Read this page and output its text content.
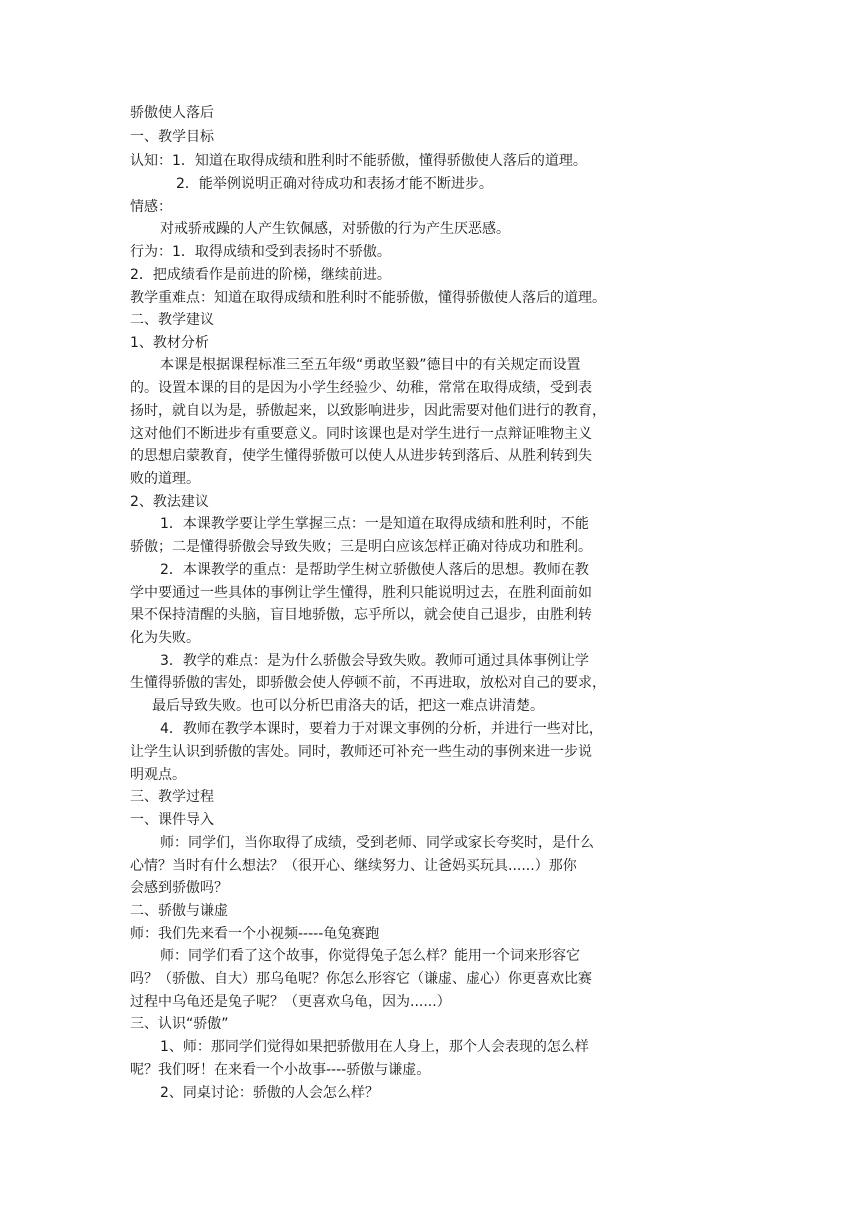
骄傲使人落后
一、教学目标
认知：1．知道在取得成绩和胜利时不能骄傲，懂得骄傲使人落后的道理。
2．能举例说明正确对待成功和表扬才能不断进步。
情感：
对戒骄戒躁的人产生钦佩感，对骄傲的行为产生厌恶感。
行为：1．取得成绩和受到表扬时不骄傲。
2．把成绩看作是前进的阶梯，继续前进。
教学重难点：知道在取得成绩和胜利时不能骄傲，懂得骄傲使人落后的道理。
二、教学建议
1、教材分析
本课是根据课程标准三至五年级“勇敢坚毅”德目中的有关规定而设置
的。设置本课的目的是因为小学生经验少、幼稚，常常在取得成绩，受到表
扬时，就自以为是，骄傲起来，以致影响进步，因此需要对他们进行的教育，
这对他们不断进步有重要意义。同时该课也是对学生进行一点辩证唯物主义
的思想启蒙教育，使学生懂得骄傲可以使人从进步转到落后、从胜利转到失
败的道理。
2、教法建议
1．本课教学要让学生掌握三点：一是知道在取得成绩和胜利时，不能
骄傲；二是懂得骄傲会导致失败；三是明白应该怎样正确对待成功和胜利。
2．本课教学的重点：是帮助学生树立骄傲使人落后的思想。教师在教
学中要通过一些具体的事例让学生懂得，胜利只能说明过去，在胜利面前如
果不保持清醒的头脑，盲目地骄傲，忘乎所以，就会使自己退步，由胜利转
化为失败。
3．教学的难点：是为什么骄傲会导致失败。教师可通过具体事例让学
生懂得骄傲的害处，即骄傲会使人停顿不前，不再进取，放松对自己的要求，
最后导致失败。也可以分析巴甫洛夫的话，把这一难点讲清楚。
4．教师在教学本课时，要着力于对课文事例的分析，并进行一些对比，
让学生认识到骄傲的害处。同时，教师还可补充一些生动的事例来进一步说
明观点。
三、教学过程
一、课件导入
师：同学们，当你取得了成绩，受到老师、同学或家长夸奖时，是什么
心情？当时有什么想法？（很开心、继续努力、让爸妈买玩具......）那你
会感到骄傲吗？
二、骄傲与谦虚
师：我们先来看一个小视频-----龟兔赛跑
师：同学们看了这个故事，你觉得兔子怎么样？能用一个词来形容它
吗？（骄傲、自大）那乌龟呢？你怎么形容它（谦虚、虚心）你更喜欢比赛
过程中乌龟还是兔子呢？（更喜欢乌龟，因为......）
三、认识“骄傲”
1、师：那同学们觉得如果把骄傲用在人身上，那个人会表现的怎么样
呢？我们呀！在来看一个小故事----骄傲与谦虚。
2、同桌讨论：骄傲的人会怎么样？
